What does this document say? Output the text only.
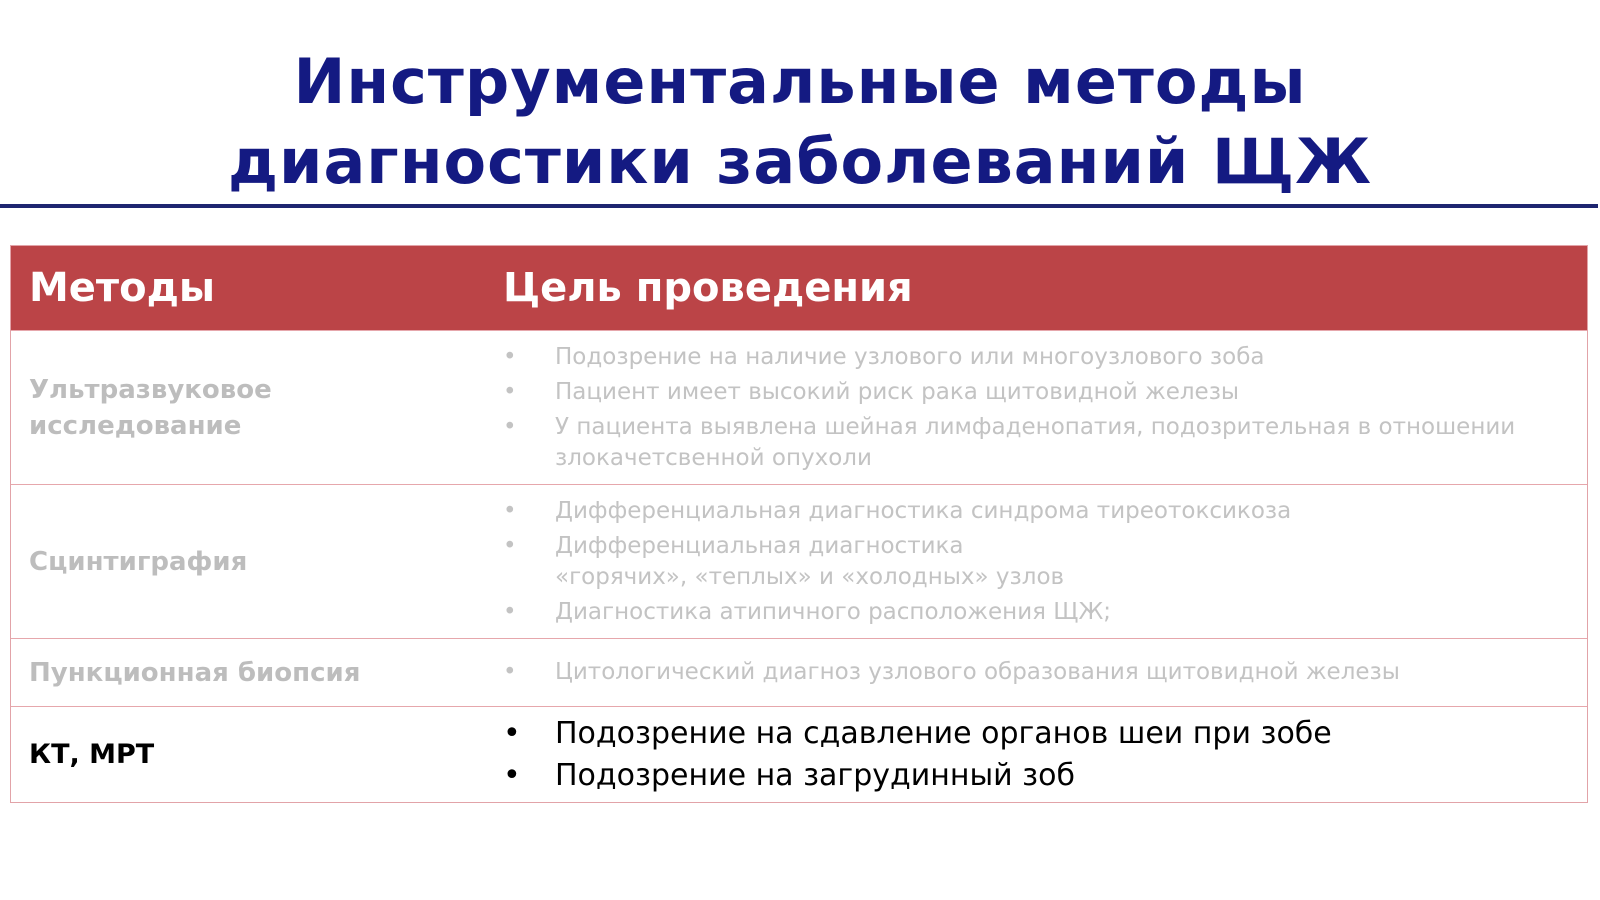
Инструментальные методы
диагностики заболеваний ЩЖ
Методы	Цель проведения
Ультразвуковое исследование
• Подозрение на наличие узлового или многоузлового зоба
• Пациент имеет высокий риск рака щитовидной железы
• У пациента выявлена шейная лимфаденопатия, подозрительная в отношении злокачетсвенной опухоли
Сцинтиграфия
• Дифференциальная диагностика синдрома тиреотоксикоза
• Дифференциальная диагностика «горячих», «теплых» и «холодных» узлов
• Диагностика атипичного расположения ЩЖ;
Пункционная биопсия
•	Цитологический диагноз узлового образования щитовидной железы
КТ, МРТ
• Подозрение на сдавление органов шеи при зобе
• Подозрение на загрудинный зоб
